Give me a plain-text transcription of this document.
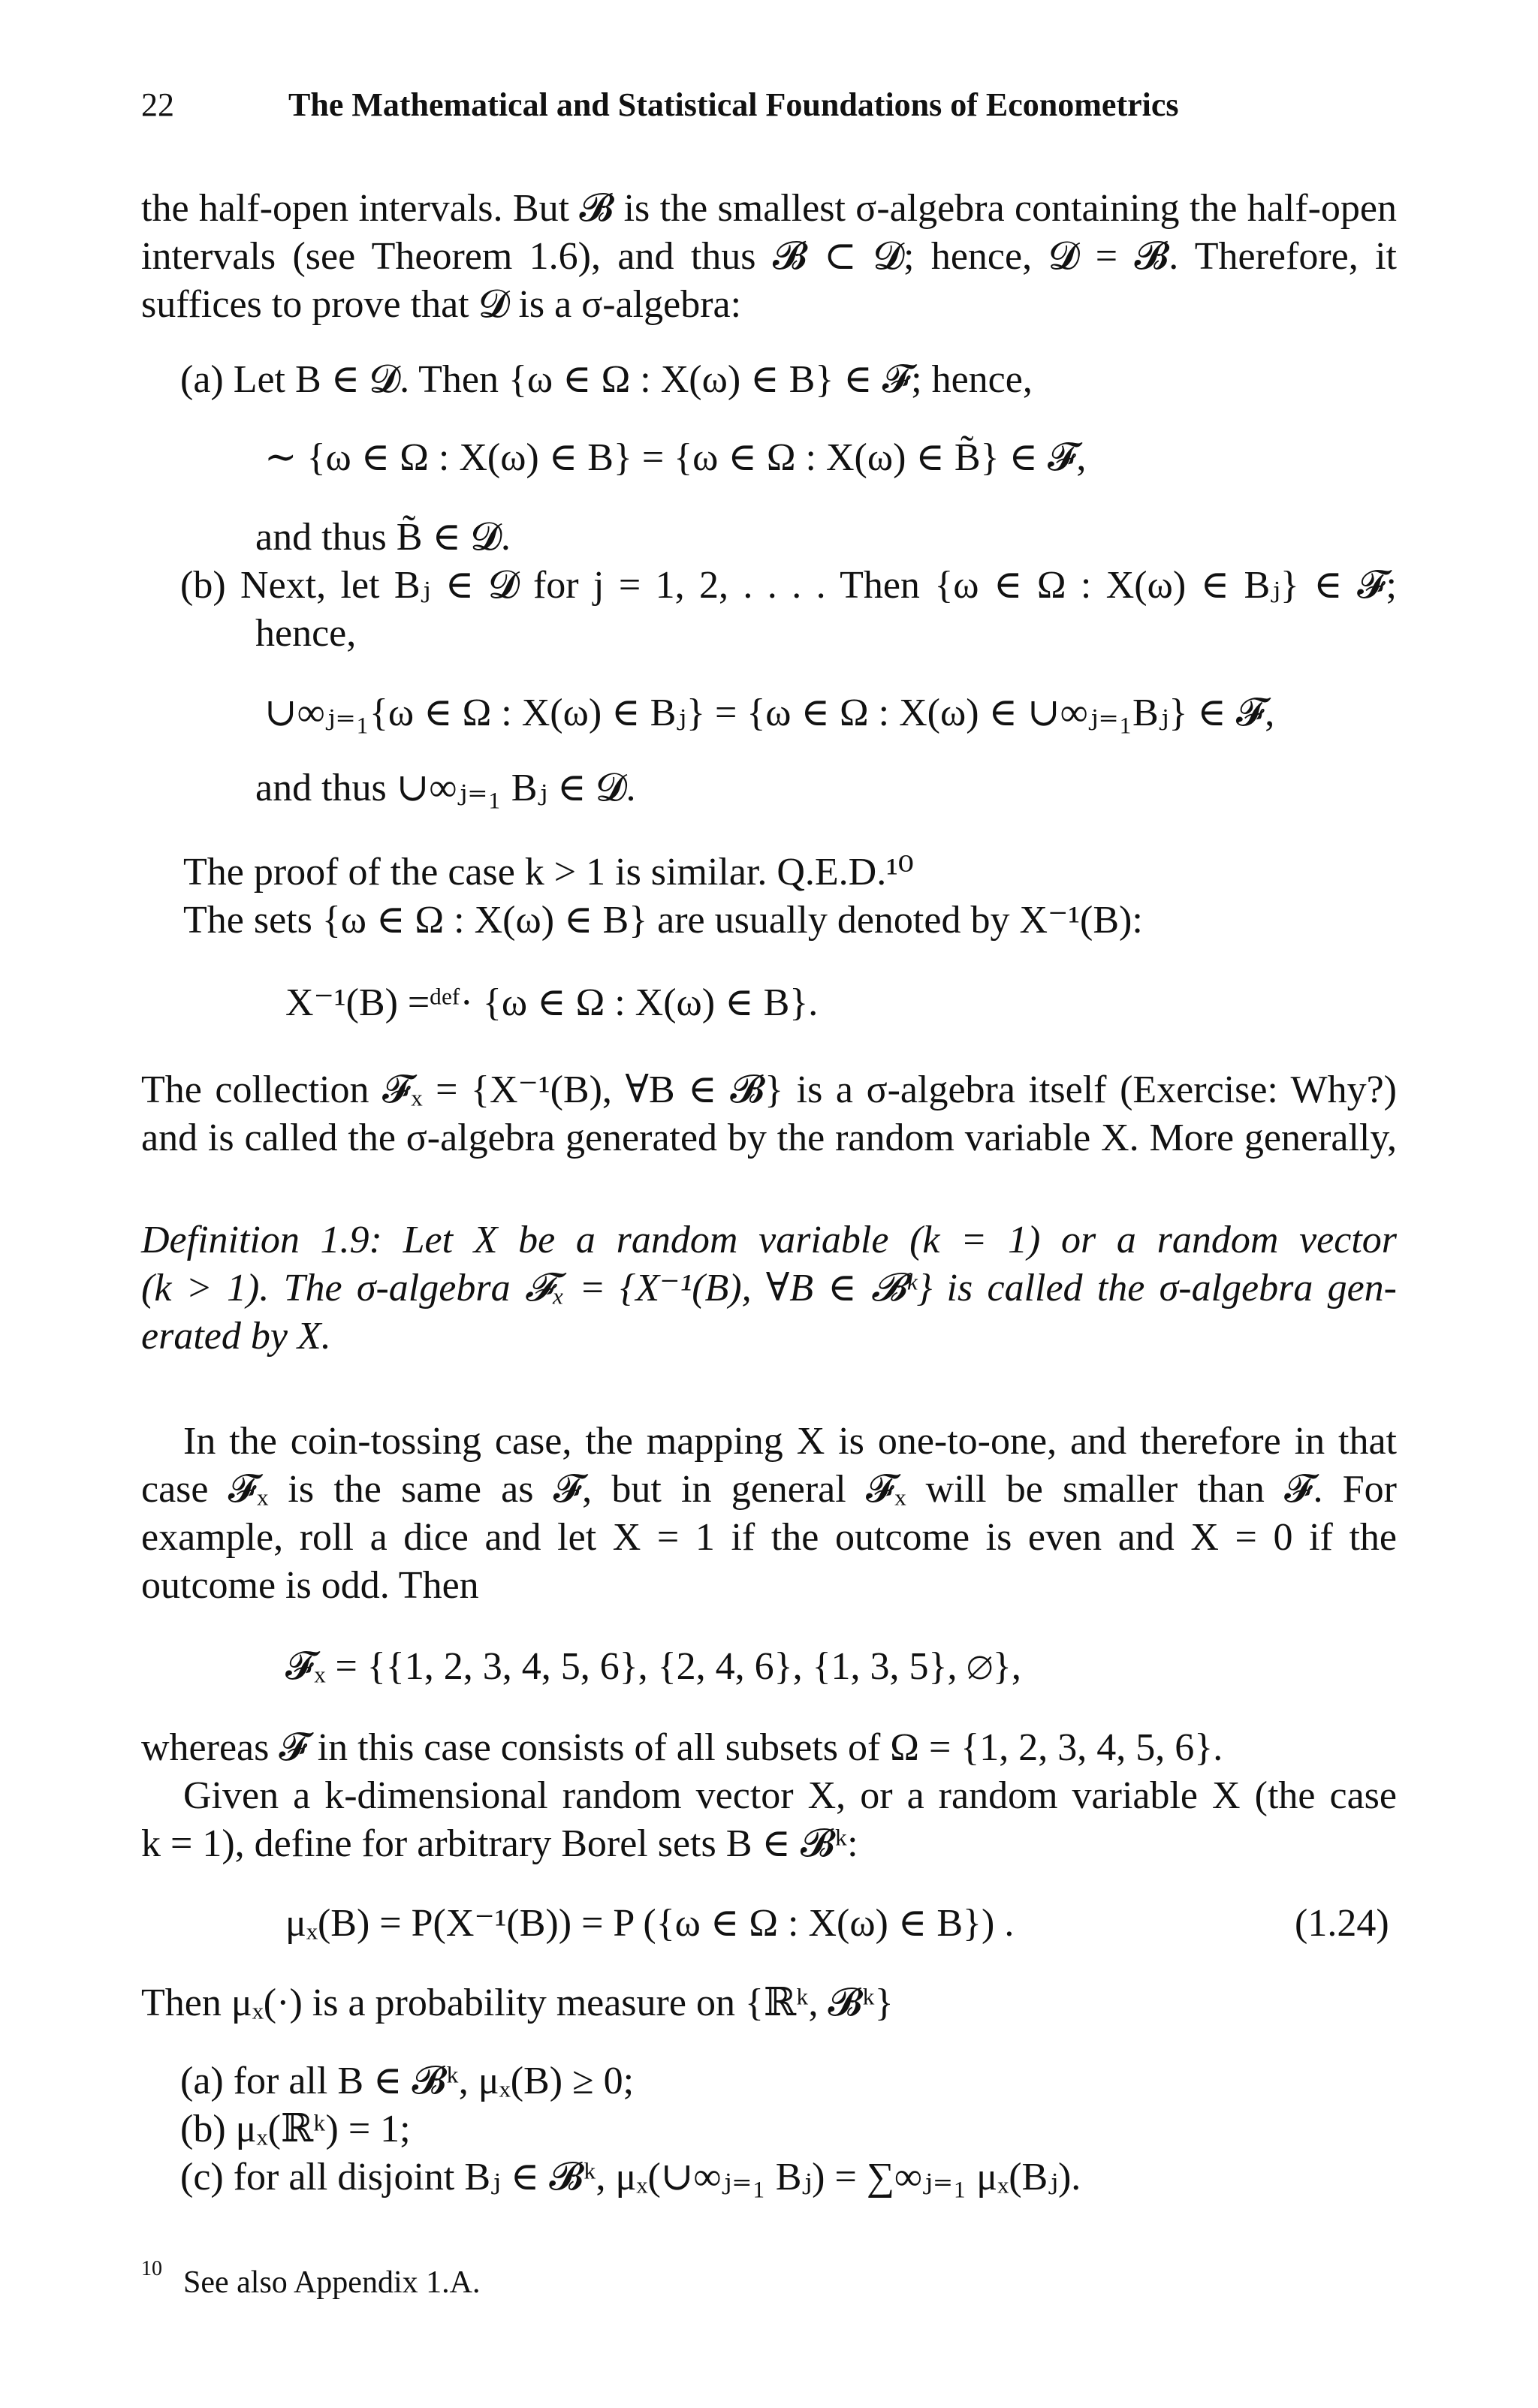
22	The Mathematical and Statistical Foundations of Econometrics
the half-open intervals. But 𝓑 is the smallest σ-algebra containing the half-open
intervals (see Theorem 1.6), and thus 𝓑 ⊂ 𝓓; hence, 𝓓 = 𝓑. Therefore, it
suffices to prove that 𝓓 is a σ-algebra:
(a) Let B ∈ 𝓓. Then {ω ∈ Ω : X(ω) ∈ B} ∈ 𝓕; hence,
∼ {ω ∈ Ω : X(ω) ∈ B} = {ω ∈ Ω : X(ω) ∈ B̃} ∈ 𝓕,
and thus B̃ ∈ 𝓓.
(b) Next, let Bⱼ ∈ 𝓓 for j = 1, 2, . . . . Then {ω ∈ Ω : X(ω) ∈ Bⱼ} ∈ 𝓕;
hence,
∪∞ⱼ₌₁{ω ∈ Ω : X(ω) ∈ Bⱼ} = {ω ∈ Ω : X(ω) ∈ ∪∞ⱼ₌₁Bⱼ} ∈ 𝓕,
and thus ∪∞ⱼ₌₁ Bⱼ ∈ 𝓓.
The proof of the case k > 1 is similar. Q.E.D.¹⁰
The sets {ω ∈ Ω : X(ω) ∈ B} are usually denoted by X⁻¹(B):
X⁻¹(B) =ᵈᵉᶠ· {ω ∈ Ω : X(ω) ∈ B}.
The collection 𝓕ₓ = {X⁻¹(B), ∀B ∈ 𝓑} is a σ-algebra itself (Exercise: Why?)
and is called the σ-algebra generated by the random variable X. More generally,
Definition 1.9: Let X be a random variable (k = 1) or a random vector
(k > 1). The σ-algebra 𝓕ₓ = {X⁻¹(B), ∀B ∈ 𝓑ᵏ} is called the σ-algebra gen-
erated by X.
In the coin-tossing case, the mapping X is one-to-one, and therefore in that
case 𝓕ₓ is the same as 𝓕, but in general 𝓕ₓ will be smaller than 𝓕. For
example, roll a dice and let X = 1 if the outcome is even and X = 0 if the
outcome is odd. Then
𝓕ₓ = {{1, 2, 3, 4, 5, 6}, {2, 4, 6}, {1, 3, 5}, ∅},
whereas 𝓕 in this case consists of all subsets of Ω = {1, 2, 3, 4, 5, 6}.
Given a k-dimensional random vector X, or a random variable X (the case
k = 1), define for arbitrary Borel sets B ∈ 𝓑ᵏ:
μₓ(B) = P(X⁻¹(B)) = P ({ω ∈ Ω : X(ω) ∈ B}) .	(1.24)
Then μₓ(·) is a probability measure on {ℝᵏ, 𝓑ᵏ}
(a) for all B ∈ 𝓑ᵏ, μₓ(B) ≥ 0;
(b) μₓ(ℝᵏ) = 1;
(c) for all disjoint Bⱼ ∈ 𝓑ᵏ, μₓ(∪∞ⱼ₌₁ Bⱼ) = ∑∞ⱼ₌₁ μₓ(Bⱼ).
10 See also Appendix 1.A.
